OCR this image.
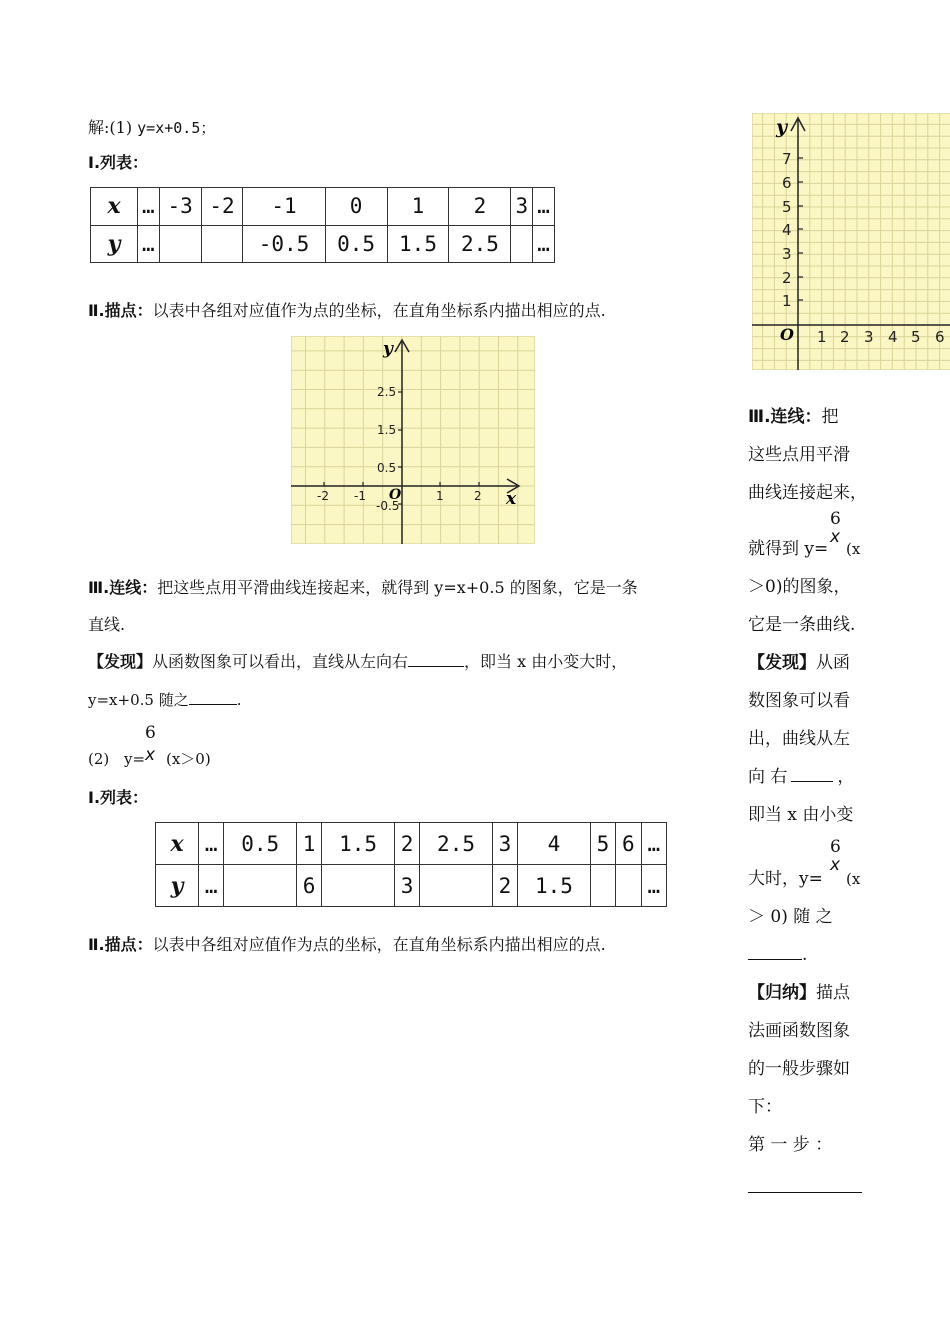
解:(1) y=x+0.5；
Ⅰ.列表：
x	…	-3	-2	-1	0	1	2	3	…
y	…			-0.5	0.5	1.5	2.5		…
Ⅱ.描点：以表中各组对应值作为点的坐标，在直角坐标系内描出相应的点.
y
x
O
2.5
1.5
0.5
-0.5
-2 -1	1	2
Ⅲ.连线：把这些点用平滑曲线连接起来，就得到 y=x+0.5 的图象，它是一条
直线.
【发现】从函数图象可以看出，直线从左向右	，即当 x 由小变大时，
y=x+0.5 随之	.
(2) y=
6
x (x＞0)
Ⅰ.列表：
x	…	0.5	1	1.5	2	2.5	3	4	5	6	…
y	…		6		3		2	1.5			…
Ⅱ.描点：以表中各组对应值作为点的坐标，在直角坐标系内描出相应的点.
y
O
7
6
5
4
3
2
1
1 2 3 4 5 6
Ⅲ.连线：把
这些点用平滑
曲线连接起来，
6
就得到 y=
x
(x
＞0)的图象，
它是一条曲线.
【发现】从函
数图象可以看
出，曲线从左
向 右	，
即当 x 由小变
6
大时，y=
x
(x
＞ 0) 随 之
.
【归纳】描点
法画函数图象
的一般步骤如
下：
第 一 步 ：
